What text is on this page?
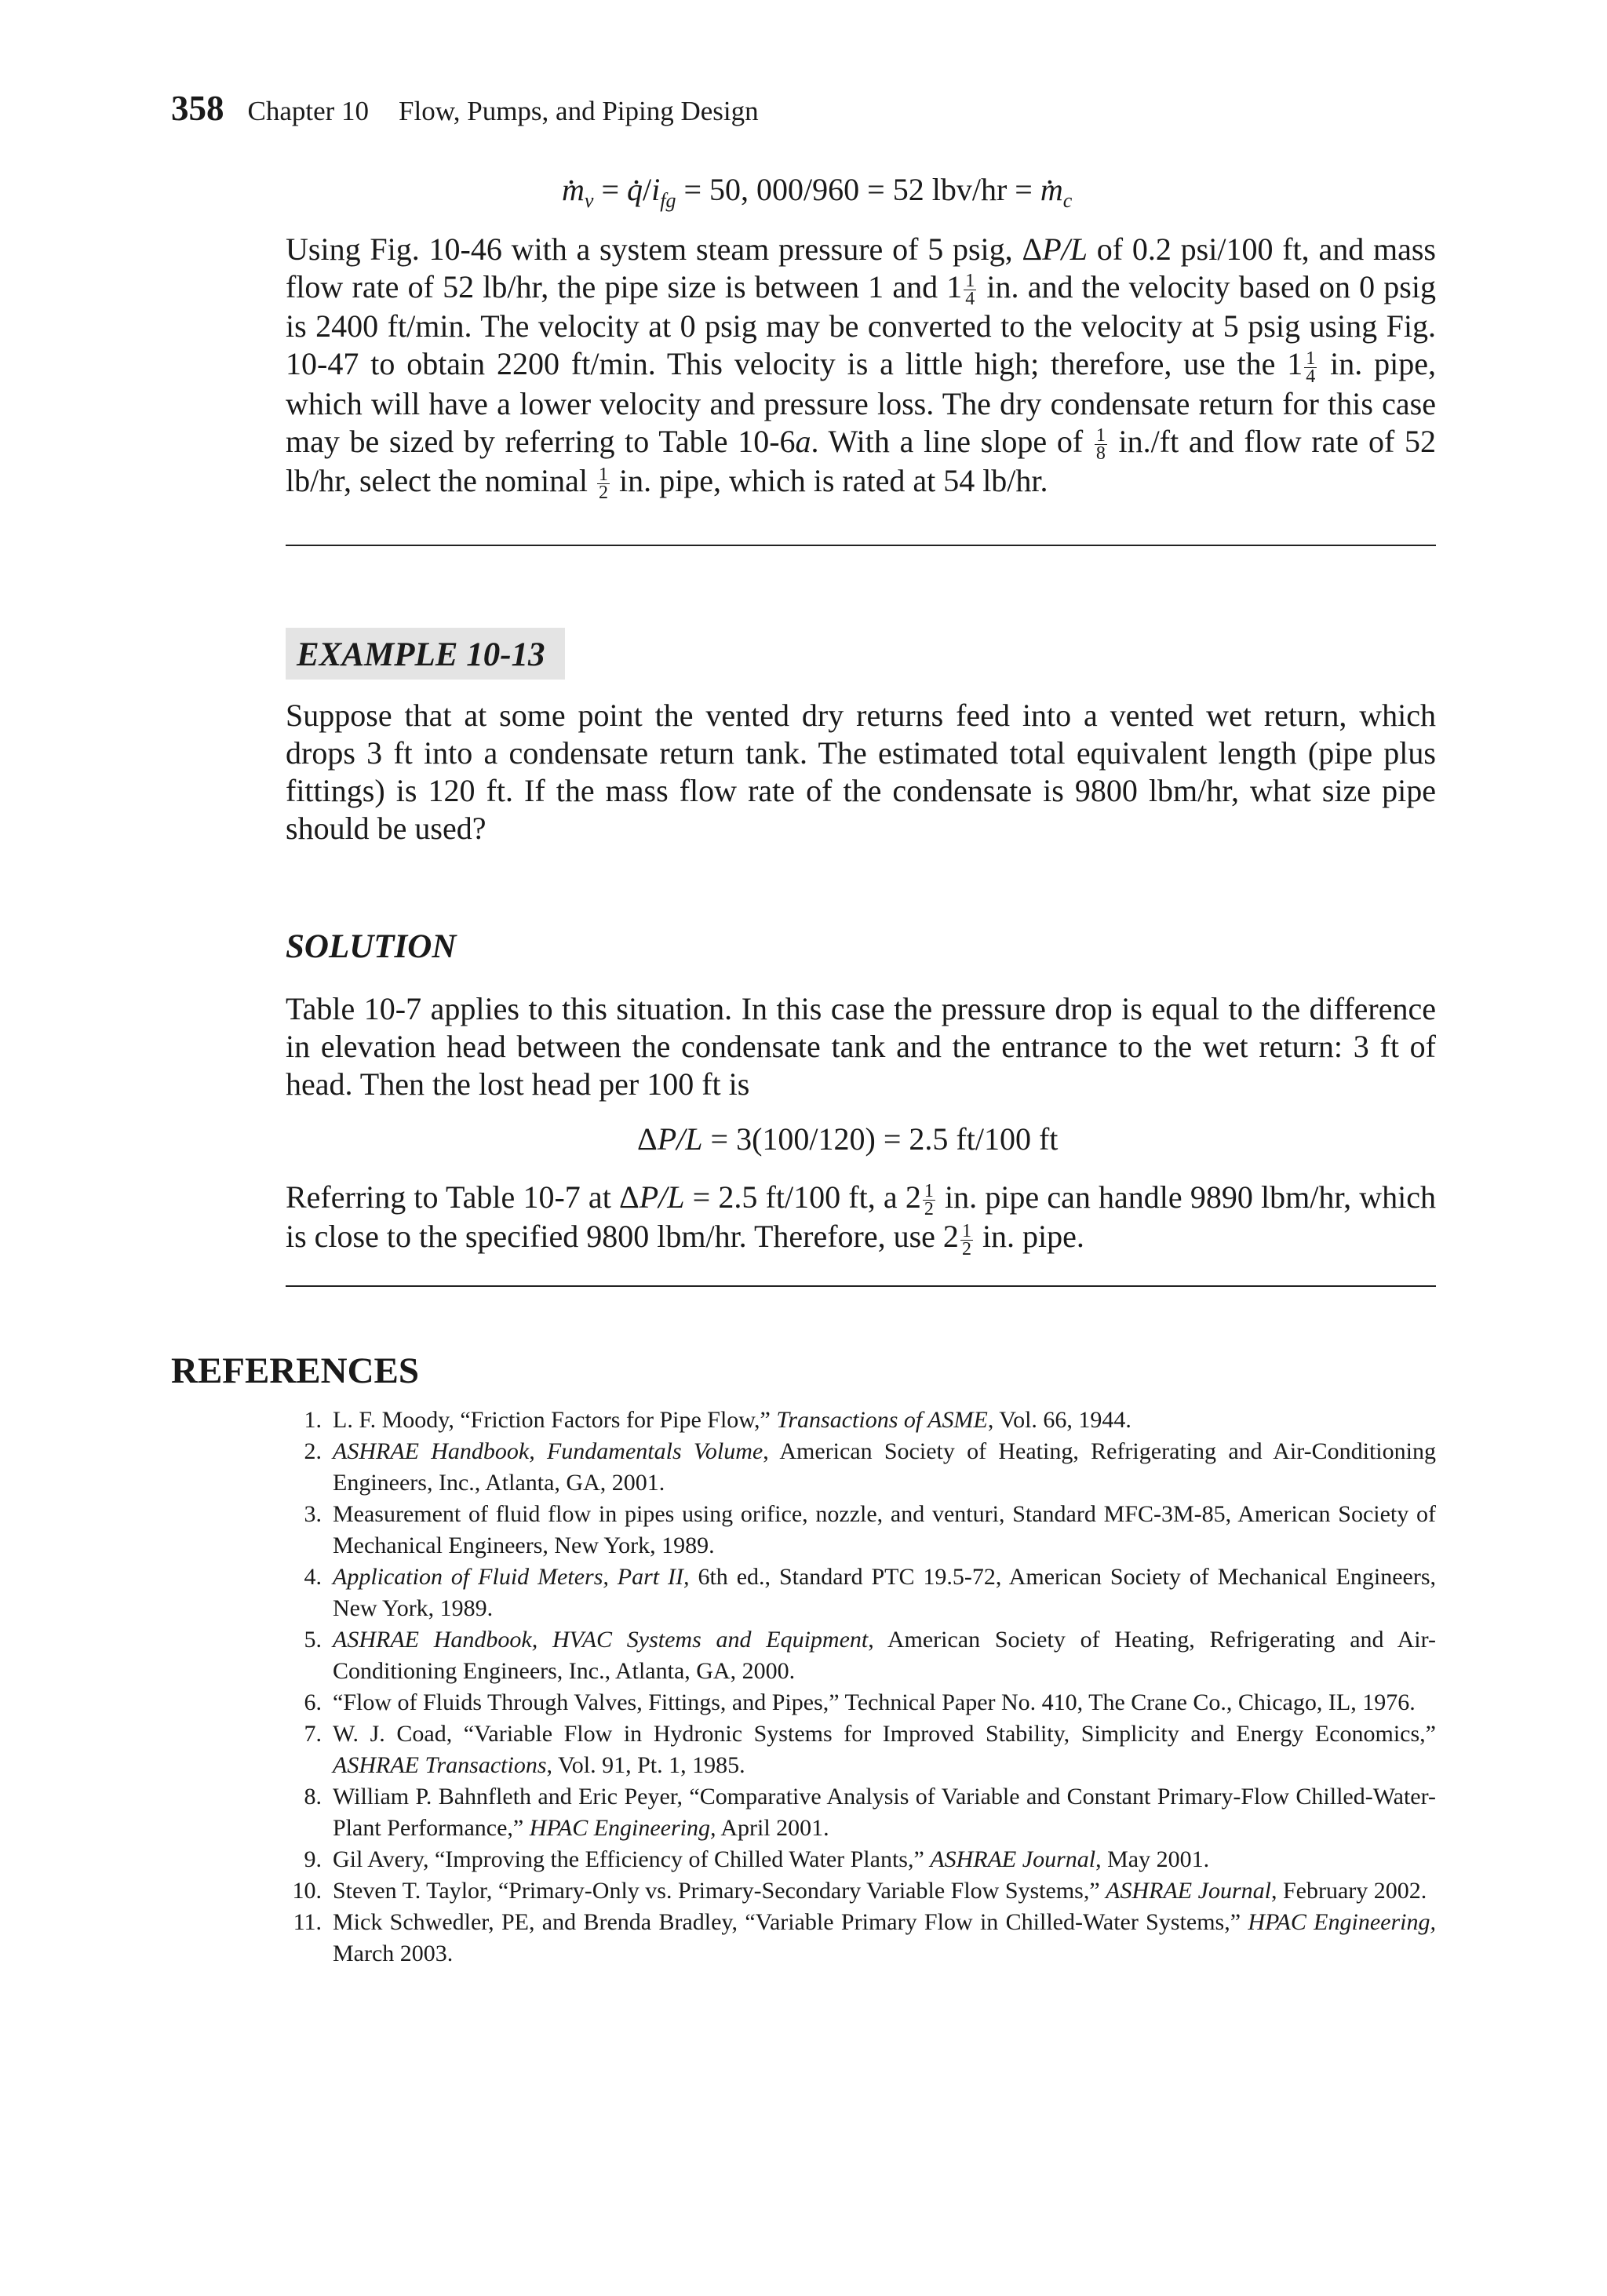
358 Chapter 10 Flow, Pumps, and Piping Design
. $m_v$ = . $q/i_{fg} = 50$, 000/960 = 52 lbv/hr = . $m_c$

Using Fig. 10-46 with a system steam pressure of 5 psig, ΔP/L of 0.2 psi/100 ft, and mass flow rate of 52 lb/hr, the pipe size is between 1 and $1 \frac{1}{4}$ in. and the velocity based on 0 psig is 2400 ft/min. The velocity at 0 psig may be converted to the velocity at 5 psig using Fig. 10-47 to obtain 2200 ft/min. This velocity is a little high; therefore, use the $1 \frac{1}{4}$ in. pipe, which will have a lower velocity and pressure loss. The dry condensate return for this case may be sized by referring to Table 10-6a. With a line slope of $\frac{1}{8} in./ft$ and flow rate of 52 lb/hr, select the nominal $\frac{1}{2}$ in. pipe, which is rated at 54 lb/hr.

EXAMPLE 10-13

Suppose that at some point the vented dry returns feed into a vented wet return, which drops 3 ft into a condensate return tank. The estimated total equivalent length (pipe plus fittings) is 120 ft. If the mass flow rate of the condensate is 9800 lbm/hr, what size pipe should be used?

SOLUTION

Table 10-7 applies to this situation. In this case the pressure drop is equal to the difference in elevation head between the condensate tank and the entrance to the wet return: 3 ft of head. Then the lost head per 100 ft is

ΔP/L = 3(100/120) = 2.5 ft/100 ft

Referring to Table 10-7 at ΔP/L = 2.5 ft/100 ft, a $2 \frac{1}{2}$ in. pipe can handle 9890 lbm/hr, which is close to the specified 9800 lbm/hr. Therefore, use $2 \frac{1}{2}$ in. pipe.

REFERENCES
1. L. F. Moody, “Friction Factors for Pipe Flow,” Transactions of ASME, Vol. 66, 1944.
2. ASHRAE Handbook, Fundamentals Volume, American Society of Heating, Refrigerating and Air-Conditioning Engineers, Inc., Atlanta, GA, 2001.
3. Measurement of fluid flow in pipes using orifice, nozzle, and venturi, Standard MFC-3M-85, American Society of Mechanical Engineers, New York, 1989.
4. Application of Fluid Meters, Part II, 6th ed., Standard PTC 19.5-72, American Society of Mechanical Engineers, New York, 1989.
5. ASHRAE Handbook, HVAC Systems and Equipment, American Society of Heating, Refrigerating and Air-Conditioning Engineers, Inc., Atlanta, GA, 2000.
6. “Flow of Fluids Through Valves, Fittings, and Pipes,” Technical Paper No. 410, The Crane Co., Chicago, IL, 1976.
7. W. J. Coad, “Variable Flow in Hydronic Systems for Improved Stability, Simplicity and Energy Economics,” ASHRAE Transactions, Vol. 91, Pt. 1, 1985.
8. William P. Bahnfleth and Eric Peyer, “Comparative Analysis of Variable and Constant Primary-Flow Chilled-Water-Plant Performance,” HPAC Engineering, April 2001.
9. Gil Avery, “Improving the Efficiency of Chilled Water Plants,” ASHRAE Journal, May 2001.
10. Steven T. Taylor, “Primary-Only vs. Primary-Secondary Variable Flow Systems,” ASHRAE Journal, February 2002.
11. Mick Schwedler, PE, and Brenda Bradley, “Variable Primary Flow in Chilled-Water Systems,” HPAC Engineering, March 2003.
